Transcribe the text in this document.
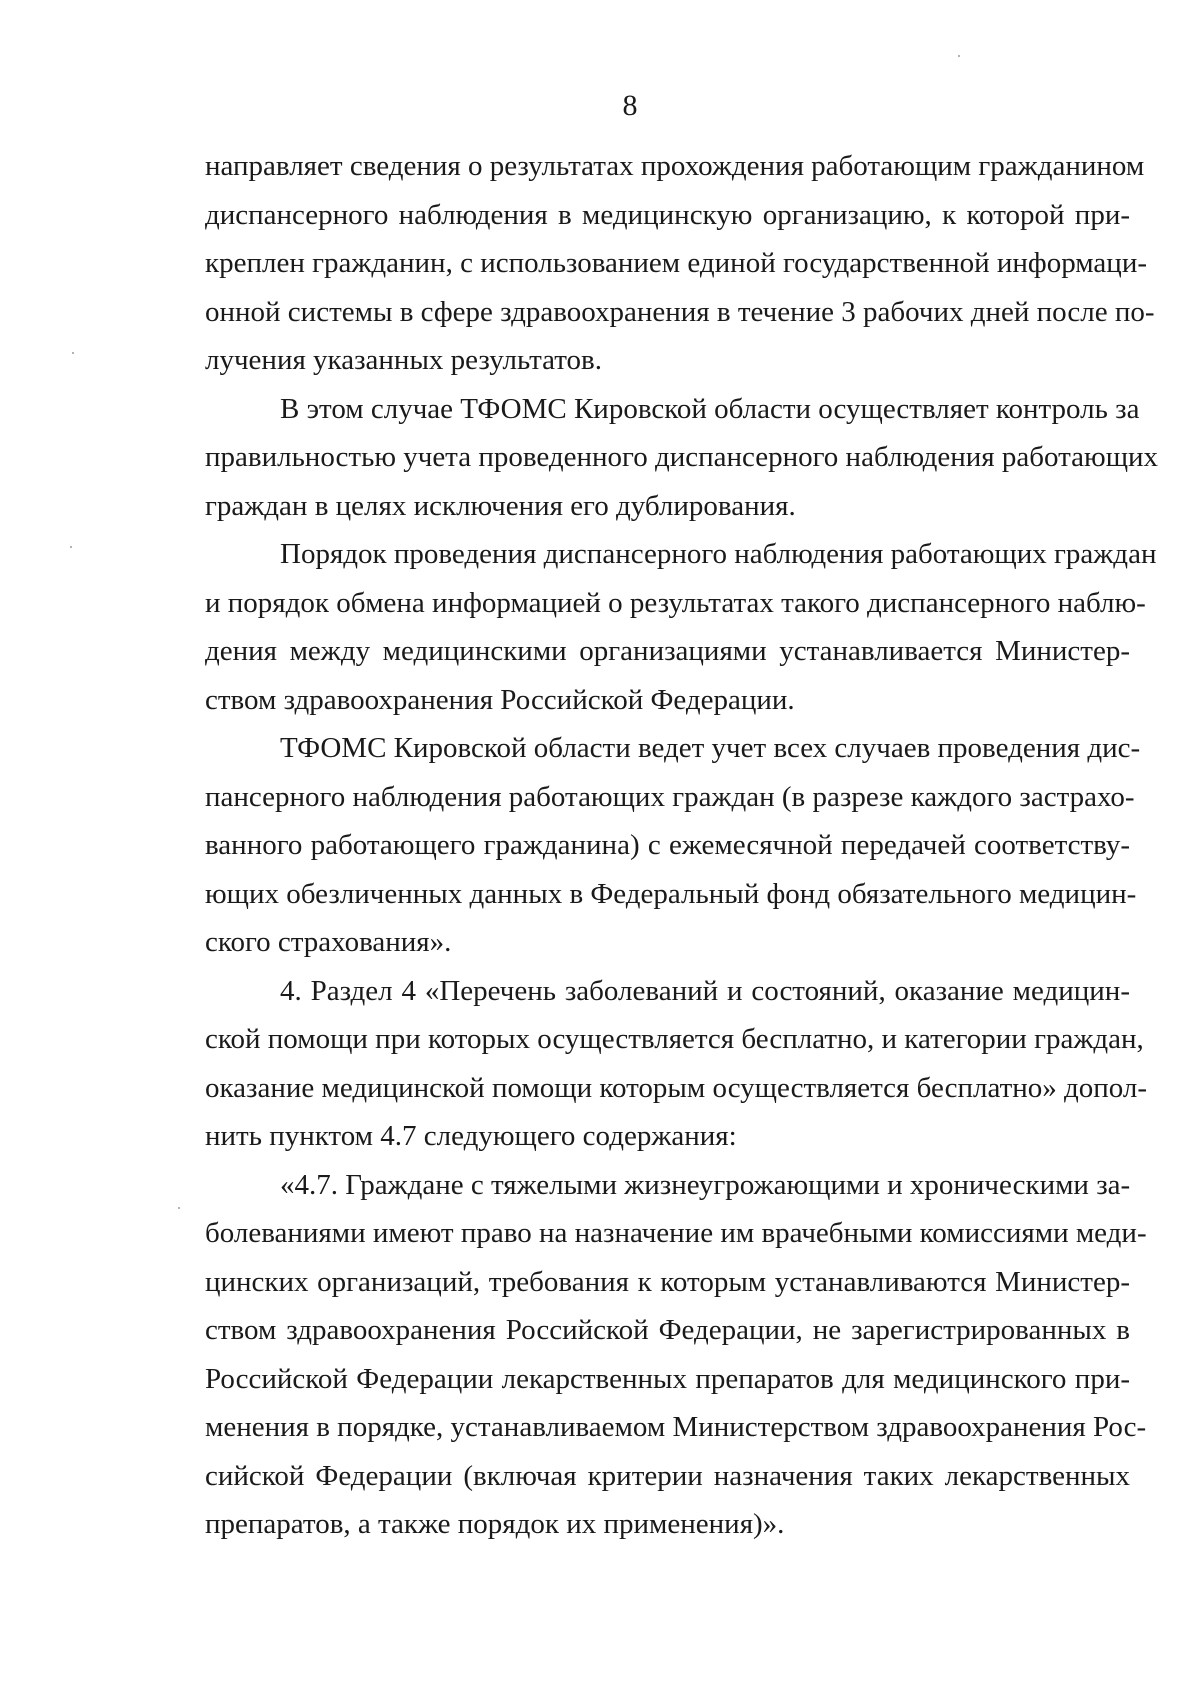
8
направляет сведения о результатах прохождения работающим гражданином
диспансерного наблюдения в медицинскую организацию, к которой при-
креплен гражданин, с использованием единой государственной информаци-
онной системы в сфере здравоохранения в течение 3 рабочих дней после по-
лучения указанных результатов.
В этом случае ТФОМС Кировской области осуществляет контроль за
правильностью учета проведенного диспансерного наблюдения работающих
граждан в целях исключения его дублирования.
Порядок проведения диспансерного наблюдения работающих граждан
и порядок обмена информацией о результатах такого диспансерного наблю-
дения между медицинскими организациями устанавливается Министер-
ством здравоохранения Российской Федерации.
ТФОМС Кировской области ведет учет всех случаев проведения дис-
пансерного наблюдения работающих граждан (в разрезе каждого застрахо-
ванного работающего гражданина) с ежемесячной передачей соответству-
ющих обезличенных данных в Федеральный фонд обязательного медицин-
ского страхования».
4. Раздел 4 «Перечень заболеваний и состояний, оказание медицин-
ской помощи при которых осуществляется бесплатно, и категории граждан,
оказание медицинской помощи которым осуществляется бесплатно» допол-
нить пунктом 4.7 следующего содержания:
«4.7. Граждане с тяжелыми жизнеугрожающими и хроническими за-
болеваниями имеют право на назначение им врачебными комиссиями меди-
цинских организаций, требования к которым устанавливаются Министер-
ством здравоохранения Российской Федерации, не зарегистрированных в
Российской Федерации лекарственных препаратов для медицинского при-
менения в порядке, устанавливаемом Министерством здравоохранения Рос-
сийской Федерации (включая критерии назначения таких лекарственных
препаратов, а также порядок их применения)».
